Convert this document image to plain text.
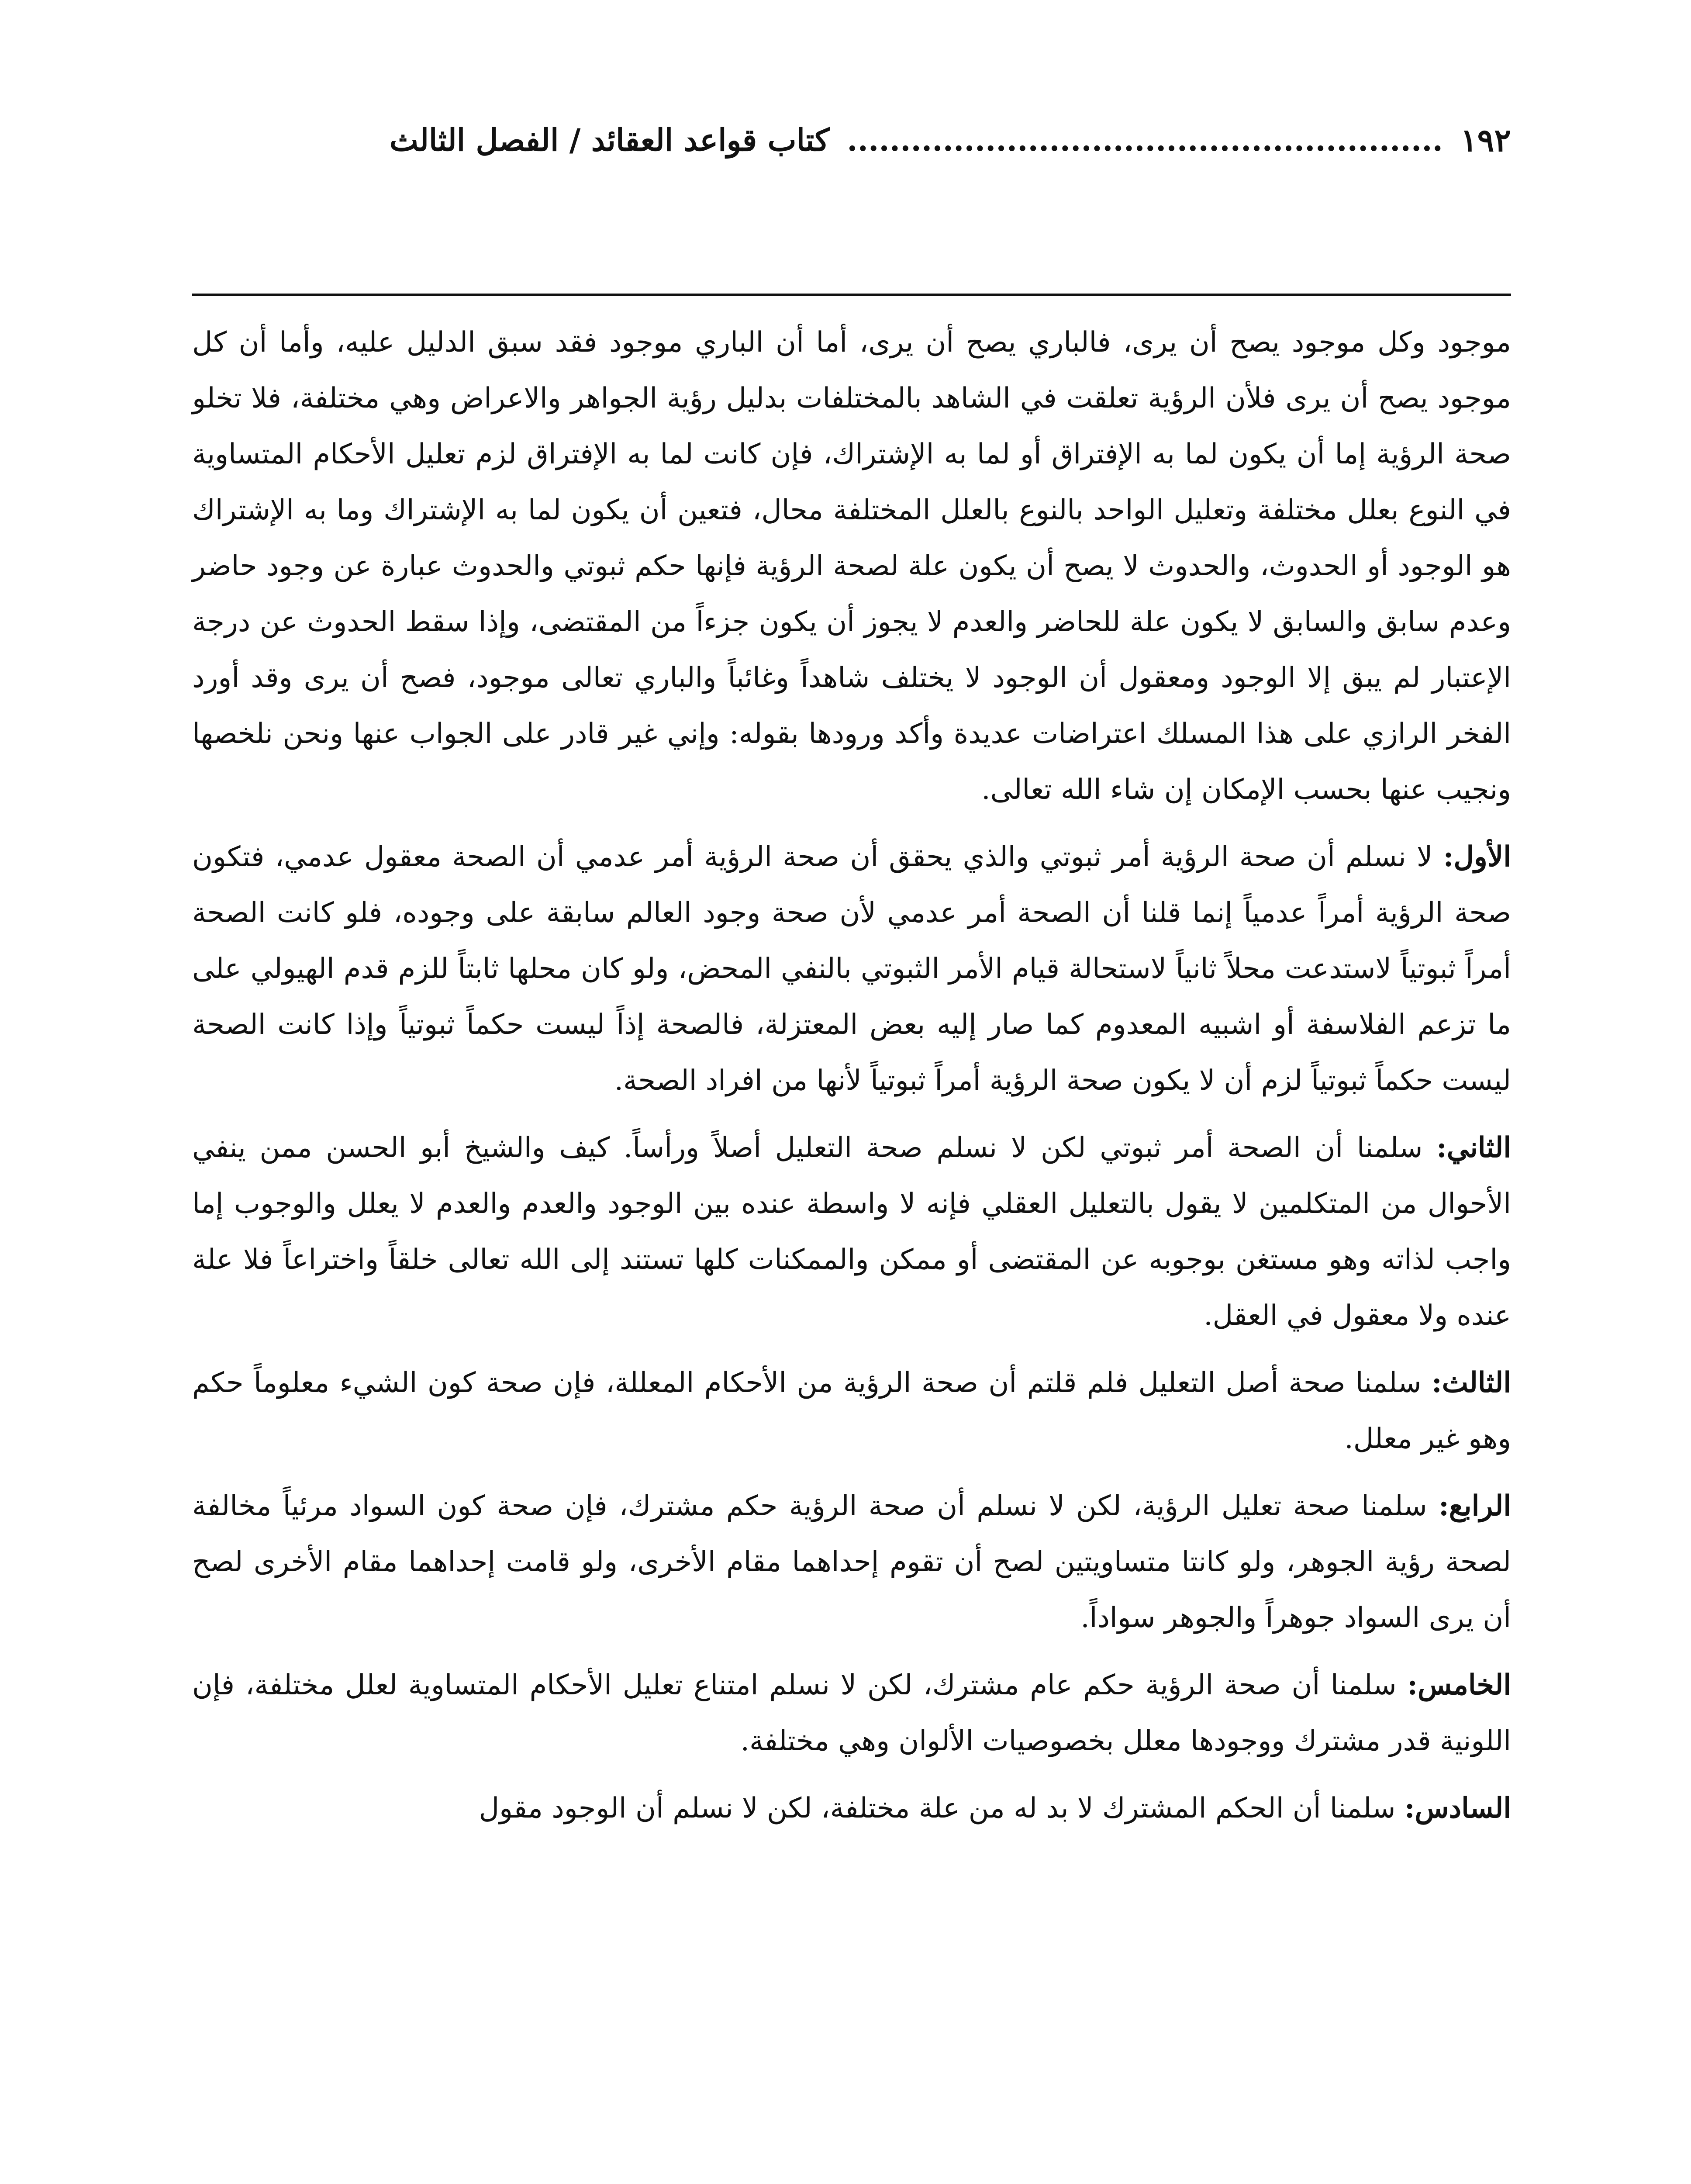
١٩٢
........................................................
كتاب قواعد العقائد / الفصل الثالث

موجود وكل موجود يصح أن يرى، فالباري يصح أن يرى، أما أن الباري موجود فقد سبق الدليل عليه، وأما أن كل موجود يصح أن يرى فلأن الرؤية تعلقت في الشاهد بالمختلفات بدليل رؤية الجواهر والاعراض وهي مختلفة، فلا تخلو صحة الرؤية إما أن يكون لما به الإفتراق أو لما به الإشتراك، فإن كانت لما به الإفتراق لزم تعليل الأحكام المتساوية في النوع بعلل مختلفة وتعليل الواحد بالنوع بالعلل المختلفة محال، فتعين أن يكون لما به الإشتراك وما به الإشتراك هو الوجود أو الحدوث، والحدوث لا يصح أن يكون علة لصحة الرؤية فإنها حكم ثبوتي والحدوث عبارة عن وجود حاضر وعدم سابق والسابق لا يكون علة للحاضر والعدم لا يجوز أن يكون جزءاً من المقتضى، وإذا سقط الحدوث عن درجة الإعتبار لم يبق إلا الوجود ومعقول أن الوجود لا يختلف شاهداً وغائباً والباري تعالى موجود، فصح أن يرى وقد أورد الفخر الرازي على هذا المسلك اعتراضات عديدة وأكد ورودها بقوله: وإني غير قادر على الجواب عنها ونحن نلخصها ونجيب عنها بحسب الإمكان إن شاء الله تعالى.

الأول: لا نسلم أن صحة الرؤية أمر ثبوتي والذي يحقق أن صحة الرؤية أمر عدمي أن الصحة معقول عدمي، فتكون صحة الرؤية أمراً عدمياً إنما قلنا أن الصحة أمر عدمي لأن صحة وجود العالم سابقة على وجوده، فلو كانت الصحة أمراً ثبوتياً لاستدعت محلاً ثانياً لاستحالة قيام الأمر الثبوتي بالنفي المحض، ولو كان محلها ثابتاً للزم قدم الهيولي على ما تزعم الفلاسفة أو اشبيه المعدوم كما صار إليه بعض المعتزلة، فالصحة إذاً ليست حكماً ثبوتياً وإذا كانت الصحة ليست حكماً ثبوتياً لزم أن لا يكون صحة الرؤية أمراً ثبوتياً لأنها من افراد الصحة.

الثاني: سلمنا أن الصحة أمر ثبوتي لكن لا نسلم صحة التعليل أصلاً ورأساً. كيف والشيخ أبو الحسن ممن ينفي الأحوال من المتكلمين لا يقول بالتعليل العقلي فإنه لا واسطة عنده بين الوجود والعدم والعدم لا يعلل والوجوب إما واجب لذاته وهو مستغن بوجوبه عن المقتضى أو ممكن والممكنات كلها تستند إلى الله تعالى خلقاً واختراعاً فلا علة عنده ولا معقول في العقل.

الثالث: سلمنا صحة أصل التعليل فلم قلتم أن صحة الرؤية من الأحكام المعللة، فإن صحة كون الشيء معلوماً حكم وهو غير معلل.

الرابع: سلمنا صحة تعليل الرؤية، لكن لا نسلم أن صحة الرؤية حكم مشترك، فإن صحة كون السواد مرئياً مخالفة لصحة رؤية الجوهر، ولو كانتا متساويتين لصح أن تقوم إحداهما مقام الأخرى، ولو قامت إحداهما مقام الأخرى لصح أن يرى السواد جوهراً والجوهر سواداً.

الخامس: سلمنا أن صحة الرؤية حكم عام مشترك، لكن لا نسلم امتناع تعليل الأحكام المتساوية لعلل مختلفة، فإن اللونية قدر مشترك ووجودها معلل بخصوصيات الألوان وهي مختلفة.

السادس: سلمنا أن الحكم المشترك لا بد له من علة مختلفة، لكن لا نسلم أن الوجود مقول
